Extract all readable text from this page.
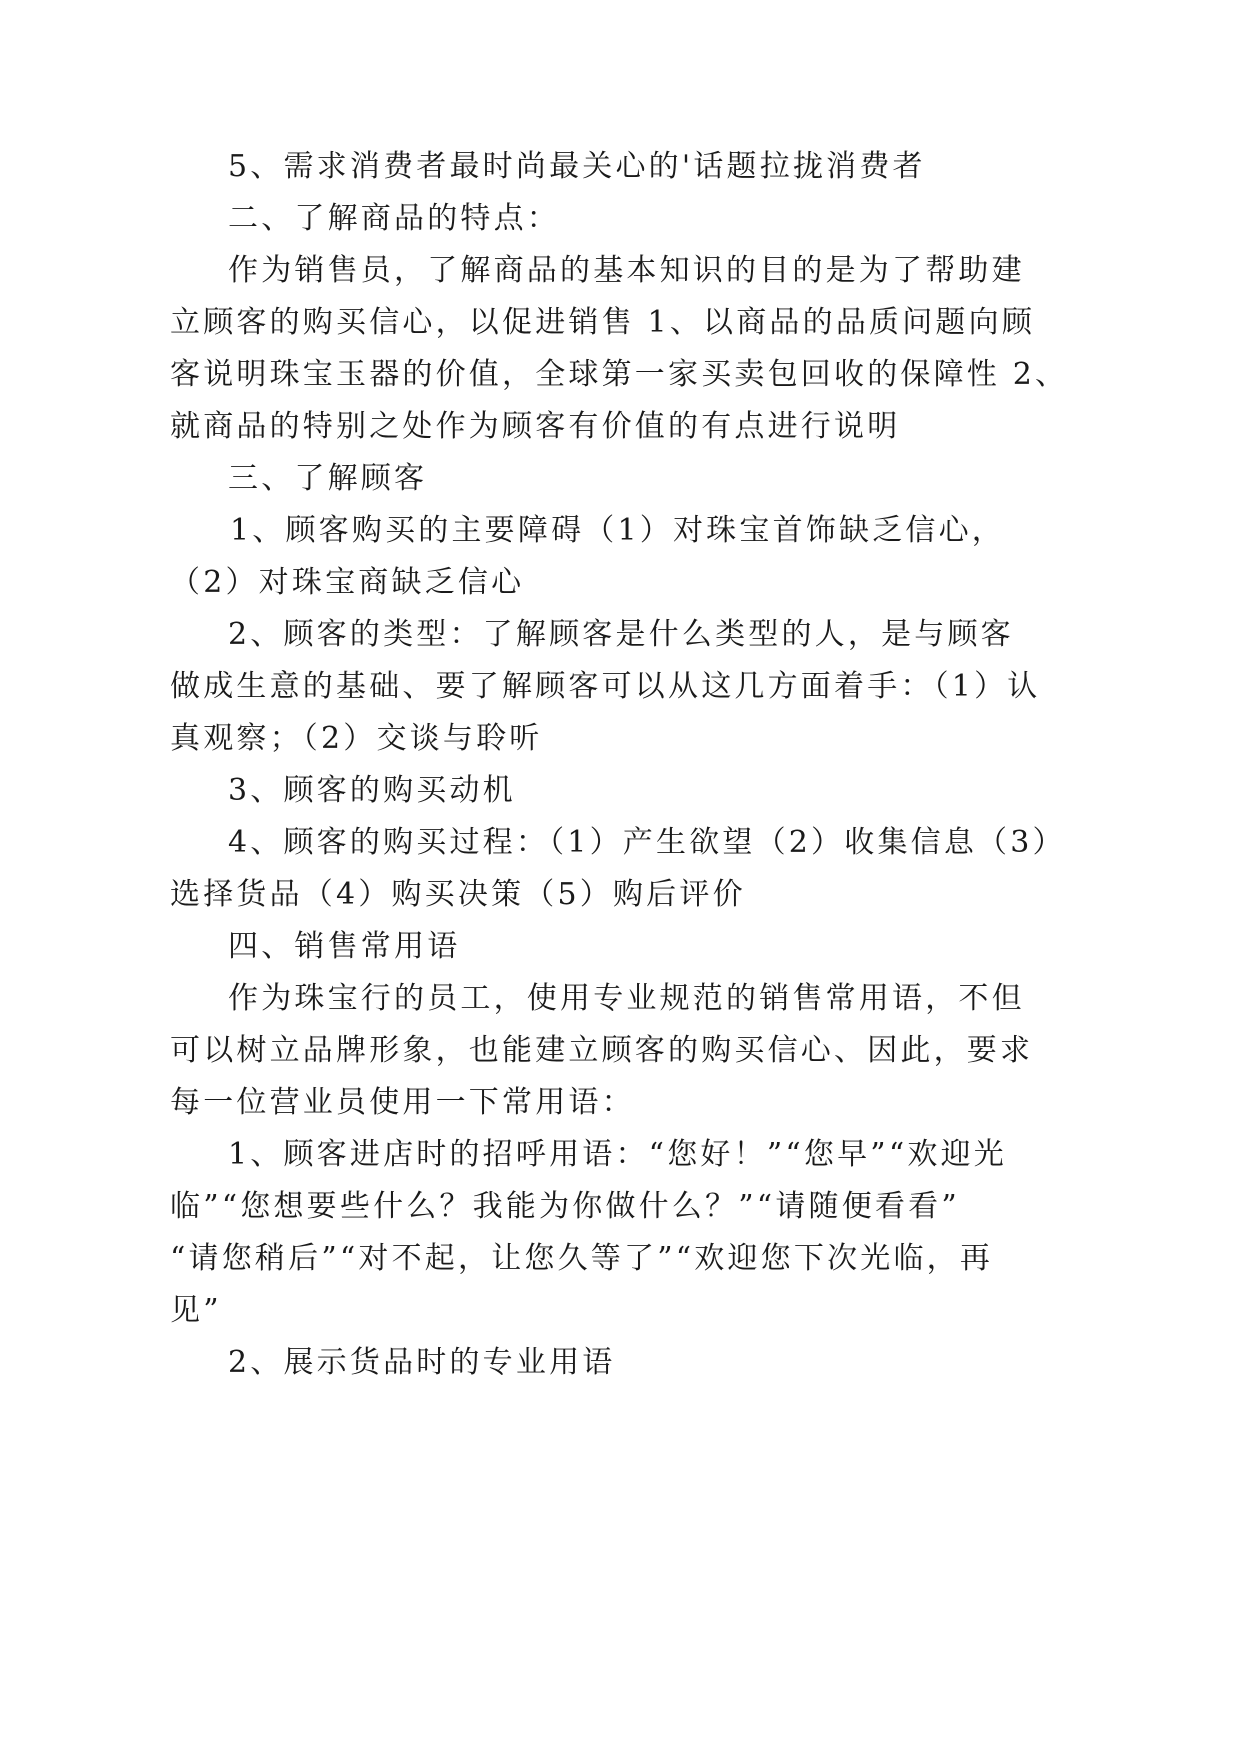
5、需求消费者最时尚最关心的'话题拉拢消费者
二、了解商品的特点：
作为销售员，了解商品的基本知识的目的是为了帮助建
立顾客的购买信心，以促进销售 1、以商品的品质问题向顾
客说明珠宝玉器的价值，全球第一家买卖包回收的保障性 2、
就商品的特别之处作为顾客有价值的有点进行说明
三、了解顾客
1、顾客购买的主要障碍（1）对珠宝首饰缺乏信心，
（2）对珠宝商缺乏信心
2、顾客的类型：了解顾客是什么类型的人，是与顾客
做成生意的基础、要了解顾客可以从这几方面着手：（1）认
真观察；（2）交谈与聆听
3、顾客的购买动机
4、顾客的购买过程：（1）产生欲望（2）收集信息（3）
选择货品（4）购买决策（5）购后评价
四、销售常用语
作为珠宝行的员工，使用专业规范的销售常用语，不但
可以树立品牌形象，也能建立顾客的购买信心、因此，要求
每一位营业员使用一下常用语：
1、顾客进店时的招呼用语：“您好！”“您早”“欢迎光
临”“您想要些什么？我能为你做什么？”“请随便看看”
“请您稍后”“对不起，让您久等了”“欢迎您下次光临，再
见”
2、展示货品时的专业用语
